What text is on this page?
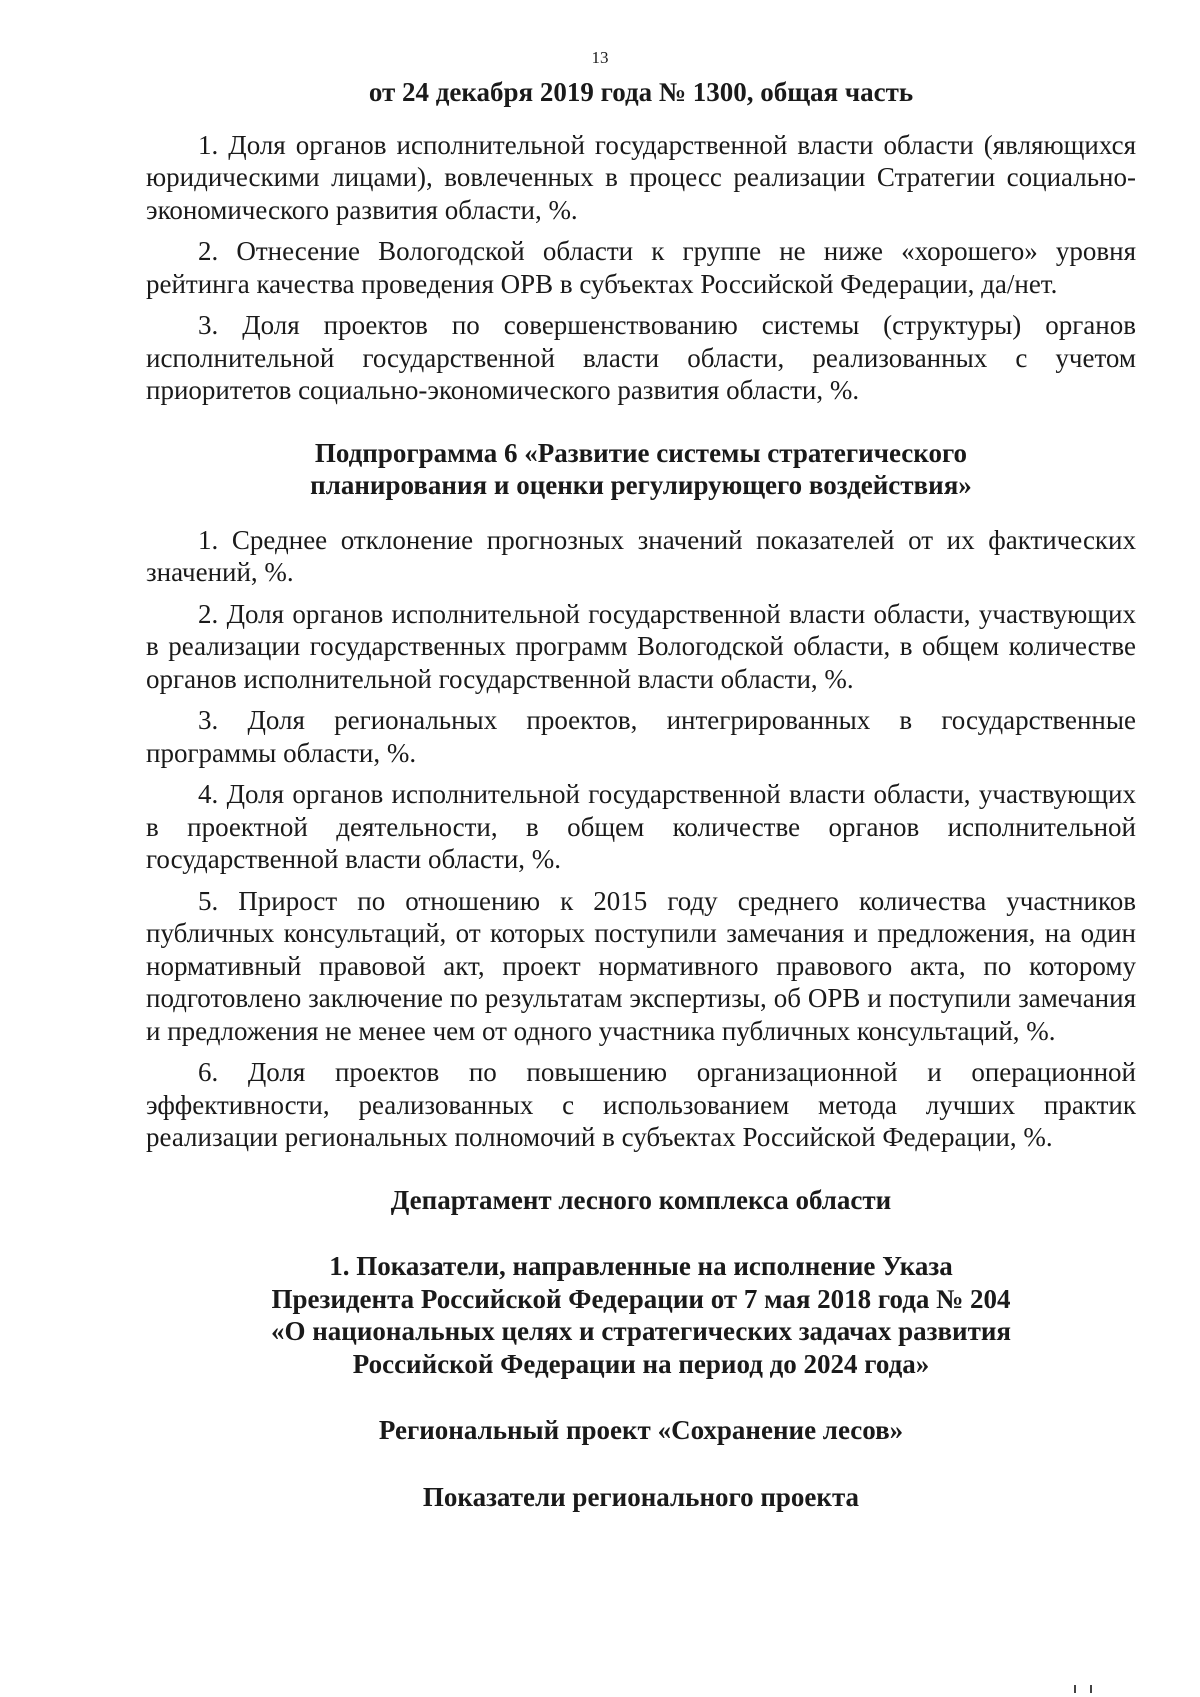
13

от 24 декабря 2019 года № 1300, общая часть

1. Доля органов исполнительной государственной власти области (являющихся юридическими лицами), вовлеченных в процесс реализации Стратегии социально-экономического развития области, %.

2. Отнесение Вологодской области к группе не ниже «хорошего» уровня рейтинга качества проведения ОРВ в субъектах Российской Федерации, да/нет.

3. Доля проектов по совершенствованию системы (структуры) органов исполнительной государственной власти области, реализованных с учетом приоритетов социально-экономического развития области, %.

Подпрограмма 6 «Развитие системы стратегического
планирования и оценки регулирующего воздействия»

1. Среднее отклонение прогнозных значений показателей от их фактических значений, %.

2. Доля органов исполнительной государственной власти области, участвующих в реализации государственных программ Вологодской области, в общем количестве органов исполнительной государственной власти области, %.

3. Доля региональных проектов, интегрированных в государственные программы области, %.

4. Доля органов исполнительной государственной власти области, участвующих в проектной деятельности, в общем количестве органов исполнительной государственной власти области, %.

5. Прирост по отношению к 2015 году среднего количества участников публичных консультаций, от которых поступили замечания и предложения, на один нормативный правовой акт, проект нормативного правового акта, по которому подготовлено заключение по результатам экспертизы, об ОРВ и поступили замечания и предложения не менее чем от одного участника публичных консультаций, %.

6. Доля проектов по повышению организационной и операционной эффективности, реализованных с использованием метода лучших практик реализации региональных полномочий в субъектах Российской Федерации, %.

Департамент лесного комплекса области
1. Показатели, направленные на исполнение Указа
Президента Российской Федерации от 7 мая 2018 года № 204
«О национальных целях и стратегических задачах развития
Российской Федерации на период до 2024 года»
Региональный проект «Сохранение лесов»
Показатели регионального проекта
